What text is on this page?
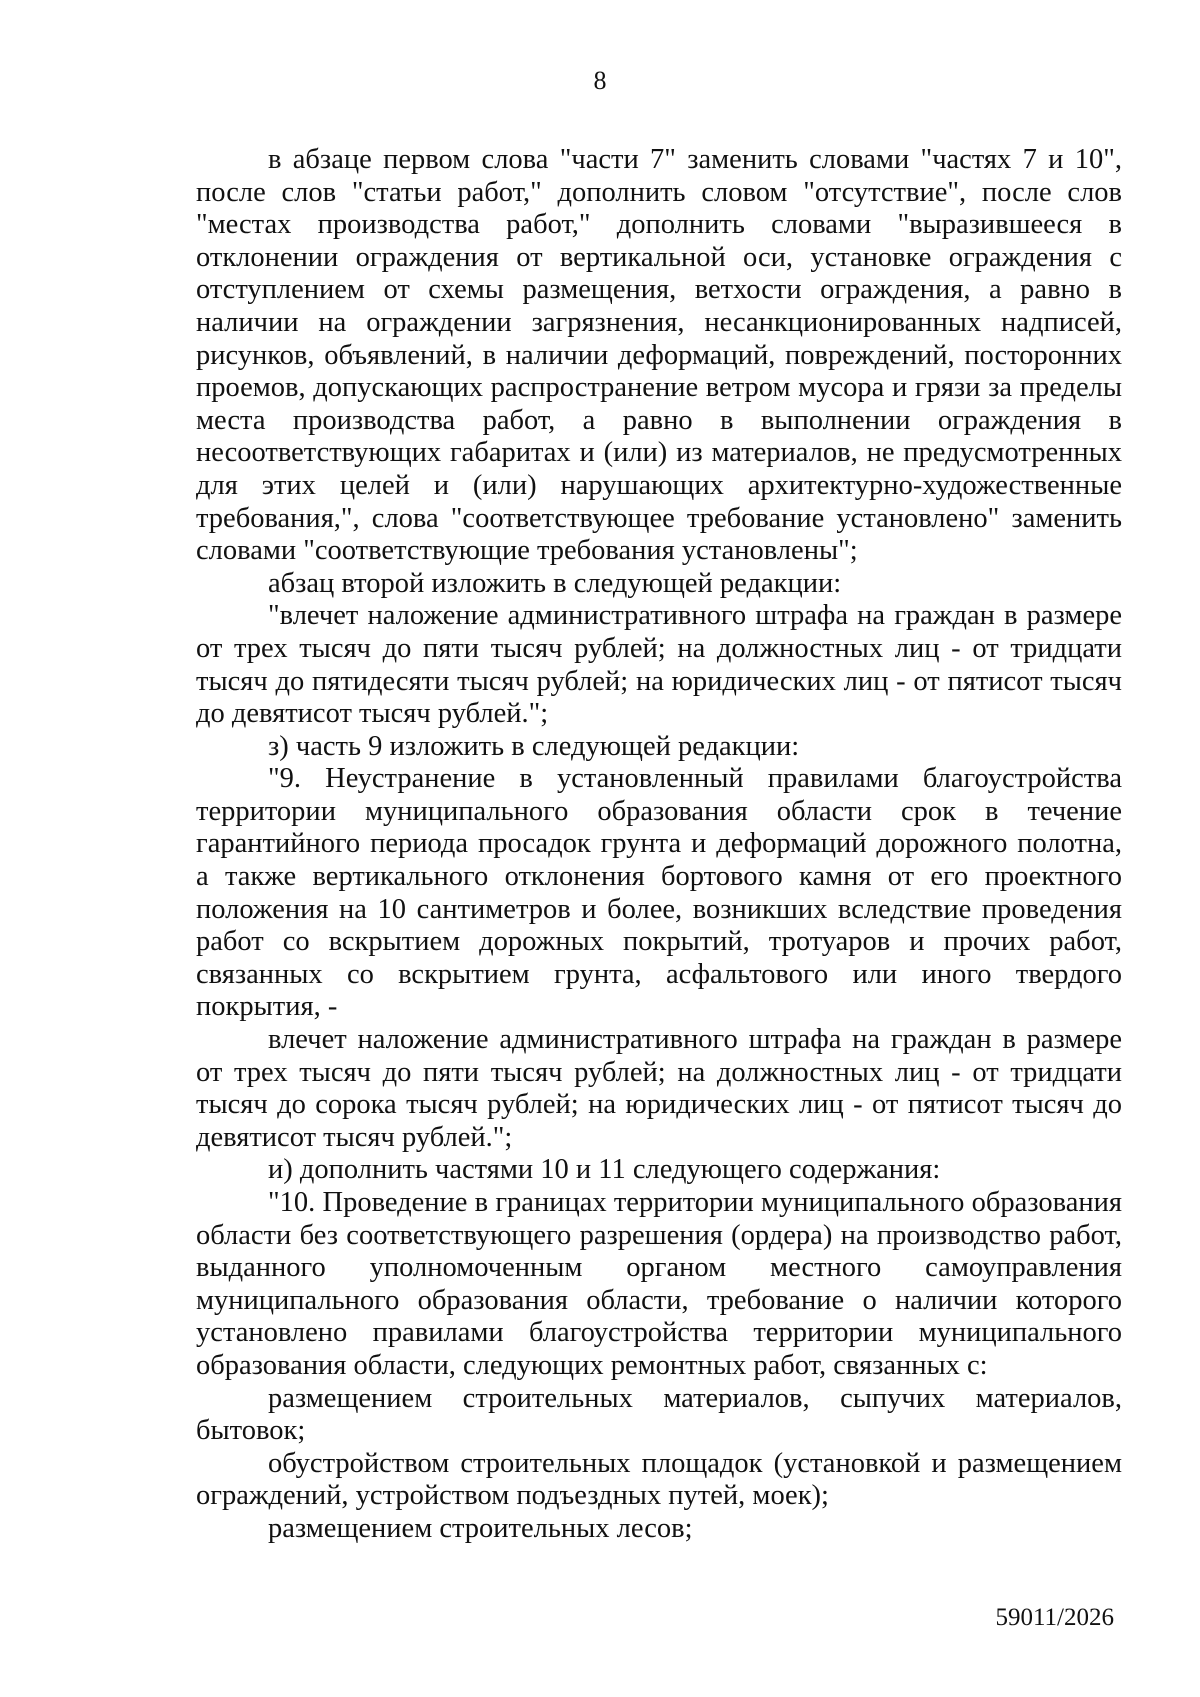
8

в абзаце первом слова "части 7" заменить словами "частях 7 и 10", после слов "статьи работ," дополнить словом "отсутствие", после слов "местах производства работ," дополнить словами "выразившееся в отклонении ограждения от вертикальной оси, установке ограждения с отступлением от схемы размещения, ветхости ограждения, а равно в наличии на ограждении загрязнения, несанкционированных надписей, рисунков, объявлений, в наличии деформаций, повреждений, посторонних проемов, допускающих распространение ветром мусора и грязи за пределы места производства работ, а равно в выполнении ограждения в несоответствующих габаритах и (или) из материалов, не предусмотренных для этих целей и (или) нарушающих архитектурно-художественные требования,", слова "соответствующее требование установлено" заменить словами "соответствующие требования установлены";

абзац второй изложить в следующей редакции:

"влечет наложение административного штрафа на граждан в размере от трех тысяч до пяти тысяч рублей; на должностных лиц - от тридцати тысяч до пятидесяти тысяч рублей; на юридических лиц - от пятисот тысяч до девятисот тысяч рублей.";

з) часть 9 изложить в следующей редакции:

"9. Неустранение в установленный правилами благоустройства территории муниципального образования области срок в течение гарантийного периода просадок грунта и деформаций дорожного полотна, а также вертикального отклонения бортового камня от его проектного положения на 10 сантиметров и более, возникших вследствие проведения работ со вскрытием дорожных покрытий, тротуаров и прочих работ, связанных со вскрытием грунта, асфальтового или иного твердого покрытия, -

влечет наложение административного штрафа на граждан в размере от трех тысяч до пяти тысяч рублей; на должностных лиц - от тридцати тысяч до сорока тысяч рублей; на юридических лиц - от пятисот тысяч до девятисот тысяч рублей.";

и) дополнить частями 10 и 11 следующего содержания:

"10. Проведение в границах территории муниципального образования области без соответствующего разрешения (ордера) на производство работ, выданного уполномоченным органом местного самоуправления муниципального образования области, требование о наличии которого установлено правилами благоустройства территории муниципального образования области, следующих ремонтных работ, связанных с:

размещением строительных материалов, сыпучих материалов, бытовок;

обустройством строительных площадок (установкой и размещением ограждений, устройством подъездных путей, моек);

размещением строительных лесов;

59011/2026
